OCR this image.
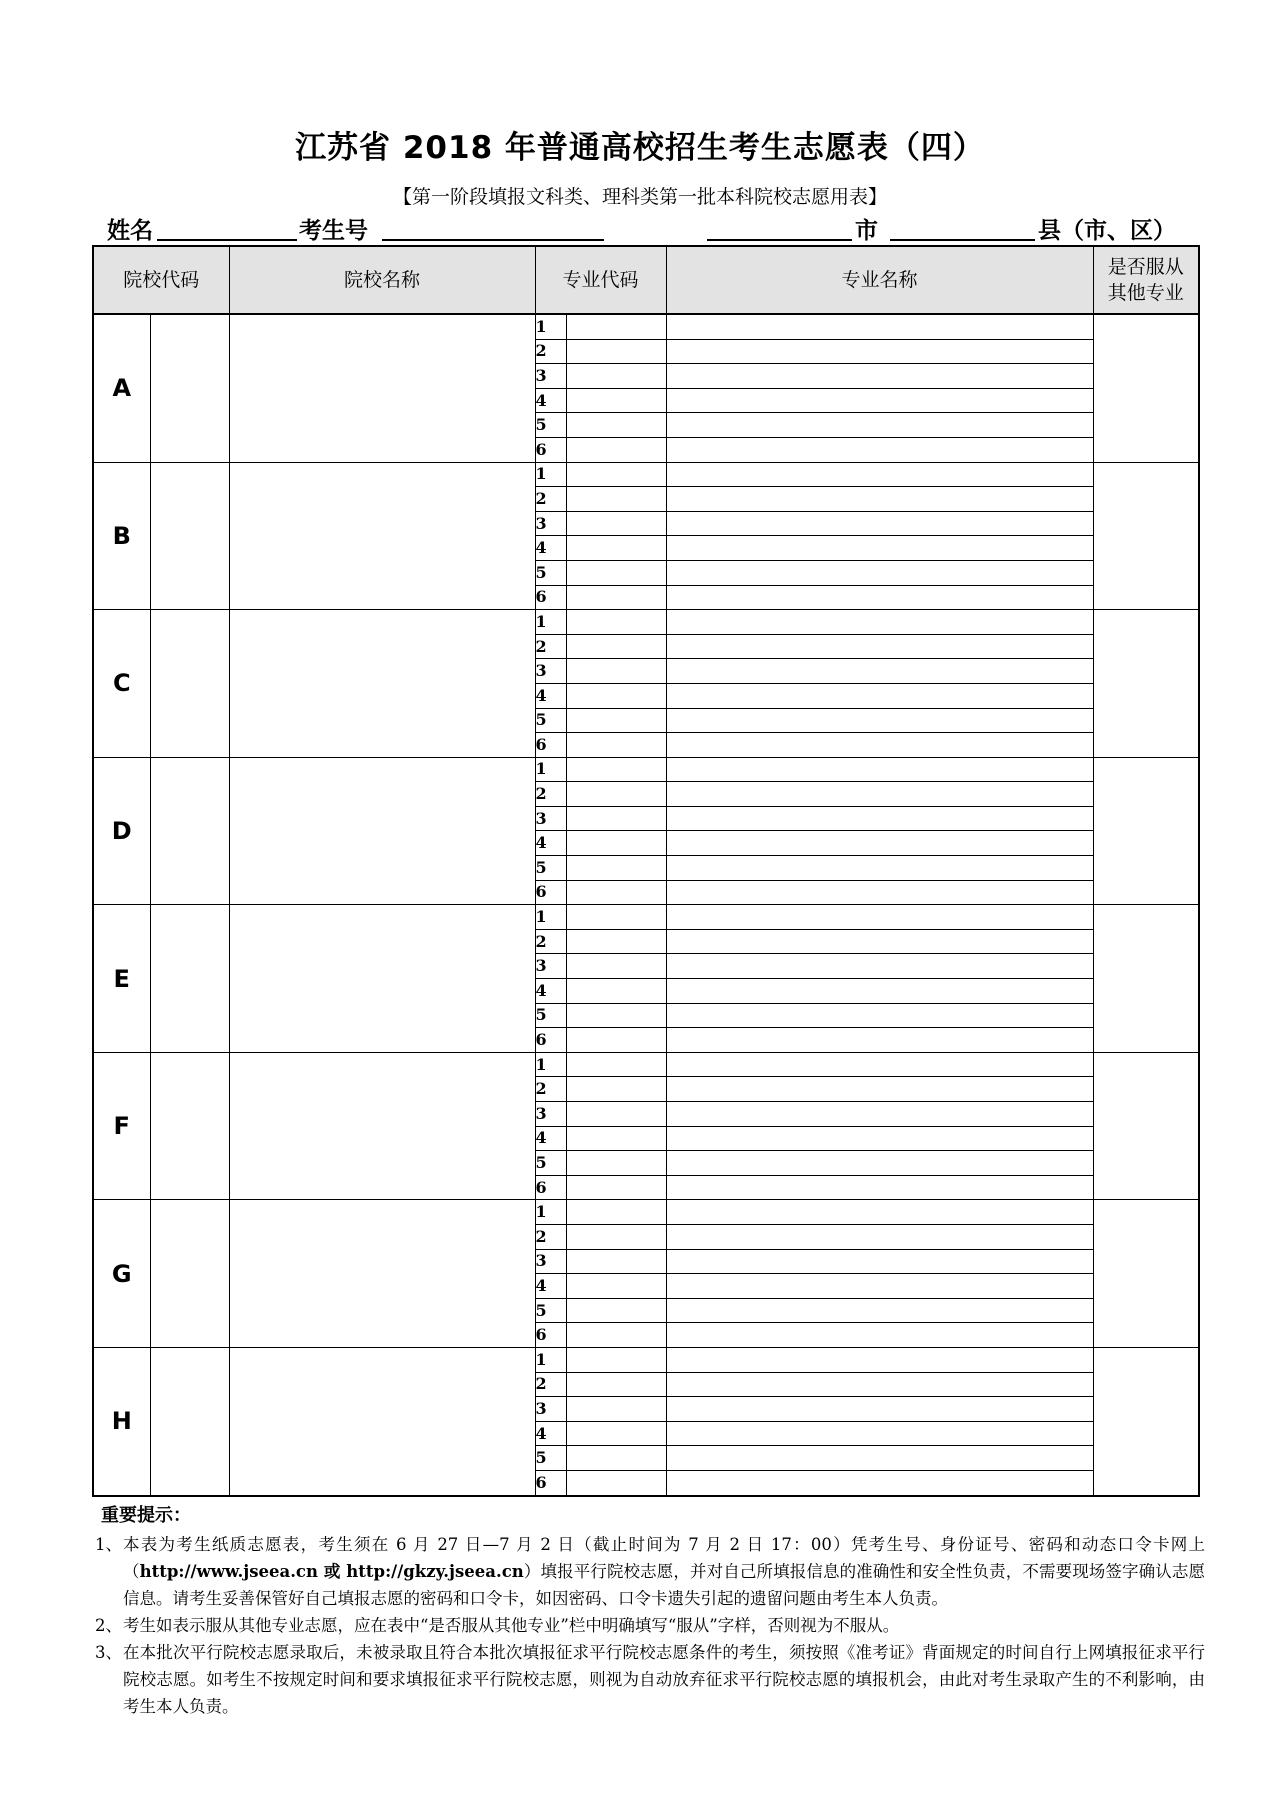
江苏省 2018 年普通高校招生考生志愿表（四）
【第一阶段填报文科类、理科类第一批本科院校志愿用表】
姓名	考生号	市	县（市、区）
院校代码		院校名称	专业代码		专业名称	是否服从
其他专业
A			1			
			2			
			3			
			4			
			5			
			6			
B			1			
			2			
			3			
			4			
			5			
			6			
C			1			
			2			
			3			
			4			
			5			
			6			
D			1			
			2			
			3			
			4			
			5			
			6			
E			1			
			2			
			3			
			4			
			5			
			6			
F			1			
			2			
			3			
			4			
			5			
			6			
G			1			
			2			
			3			
			4			
			5			
			6			
H			1			
			2			
			3			
			4			
			5			
			6			
重要提示：
1、 本表为考生纸质志愿表，考生须在 6 月 27 日—7 月 2 日（截止时间为 7 月 2 日 17：00）凭考生号、身份证号、密码和动态口令卡网上（http://www.jseea.cn 或 http://gkzy.jseea.cn）填报平行院校志愿，并对自己所填报信息的准确性和安全性负责，不需要现场签字确认志愿信息。请考生妥善保管好自己填报志愿的密码和口令卡，如因密码、口令卡遗失引起的遗留问题由考生本人负责。
2、 考生如表示服从其他专业志愿，应在表中“是否服从其他专业”栏中明确填写“服从”字样，否则视为不服从。
3、 在本批次平行院校志愿录取后，未被录取且符合本批次填报征求平行院校志愿条件的考生，须按照《准考证》背面规定的时间自行上网填报征求平行院校志愿。如考生不按规定时间和要求填报征求平行院校志愿，则视为自动放弃征求平行院校志愿的填报机会，由此对考生录取产生的不利影响，由考生本人负责。
